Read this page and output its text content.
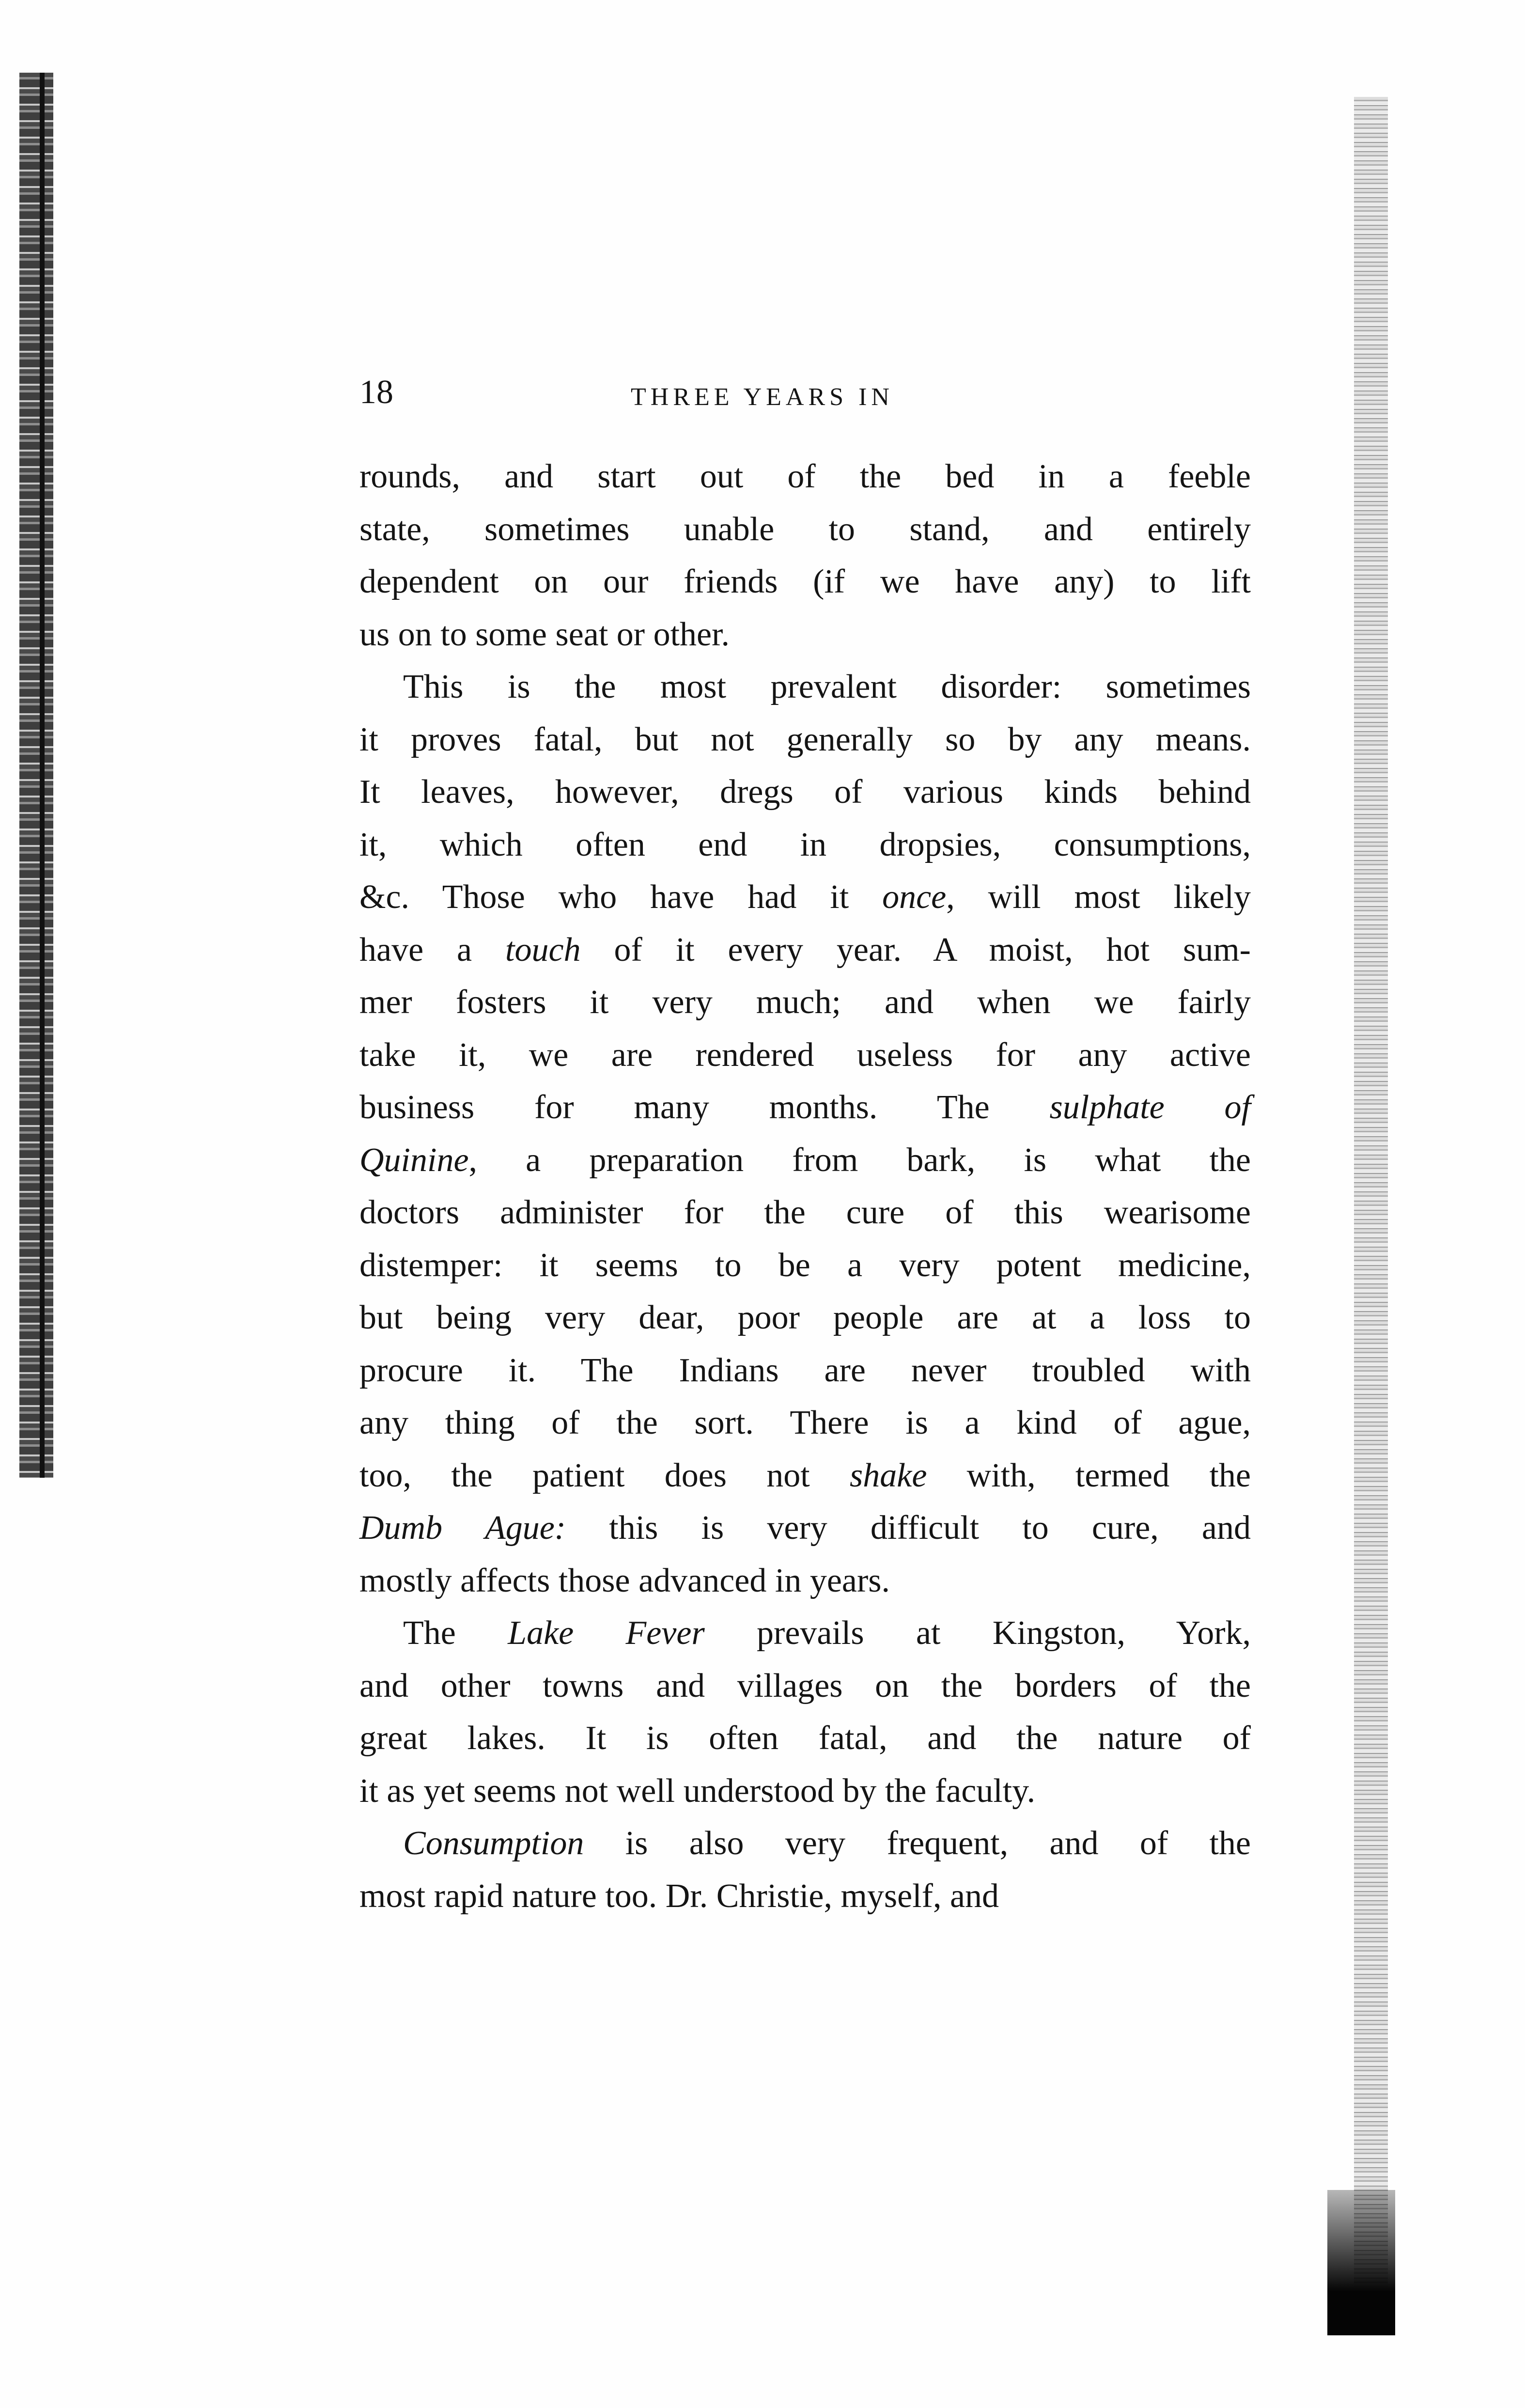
18	THREE YEARS IN

rounds, and start out of the bed in a feeble
state, sometimes unable to stand, and entirely
dependent on our friends (if we have any) to lift
us on to some seat or other.

This is the most prevalent disorder: sometimes
it proves fatal, but not generally so by any means.
It leaves, however, dregs of various kinds behind
it, which often end in dropsies, consumptions,
&c. Those who have had it once, will most likely
have a touch of it every year. A moist, hot sum-
mer fosters it very much; and when we fairly
take it, we are rendered useless for any active
business for many months. The sulphate of
Quinine, a preparation from bark, is what the
doctors administer for the cure of this wearisome
distemper: it seems to be a very potent medicine,
but being very dear, poor people are at a loss to
procure it. The Indians are never troubled with
any thing of the sort. There is a kind of ague,
too, the patient does not shake with, termed the
Dumb Ague: this is very difficult to cure, and
mostly affects those advanced in years.

The Lake Fever prevails at Kingston, York,
and other towns and villages on the borders of the
great lakes. It is often fatal, and the nature of
it as yet seems not well understood by the faculty.

Consumption is also very frequent, and of the
most rapid nature too. Dr. Christie, myself, and
